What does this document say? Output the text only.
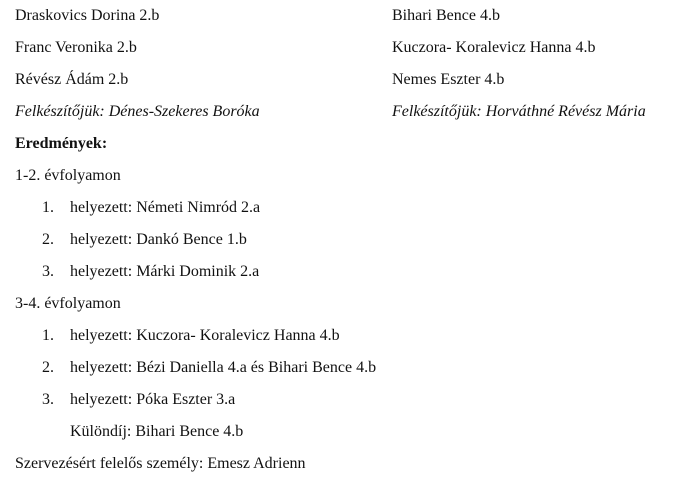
Draskovics Dorina 2.b
Franc Veronika 2.b
Révész Ádám 2.b
Felkészítőjük: Dénes-Szekeres Boróka
Bihari Bence 4.b
Kuczora- Koralevicz Hanna 4.b
Nemes Eszter 4.b
Felkészítőjük: Horváthné Révész Mária
Eredmények:
1-2. évfolyamon
1. helyezett: Németi Nimród 2.a
2. helyezett: Dankó Bence 1.b
3. helyezett: Márki Dominik 2.a
3-4. évfolyamon
1. helyezett: Kuczora- Koralevicz Hanna 4.b
2. helyezett: Bézi Daniella 4.a és Bihari Bence 4.b
3. helyezett: Póka Eszter 3.a
Különdíj: Bihari Bence 4.b
Szervezésért felelős személy: Emesz Adrienn
